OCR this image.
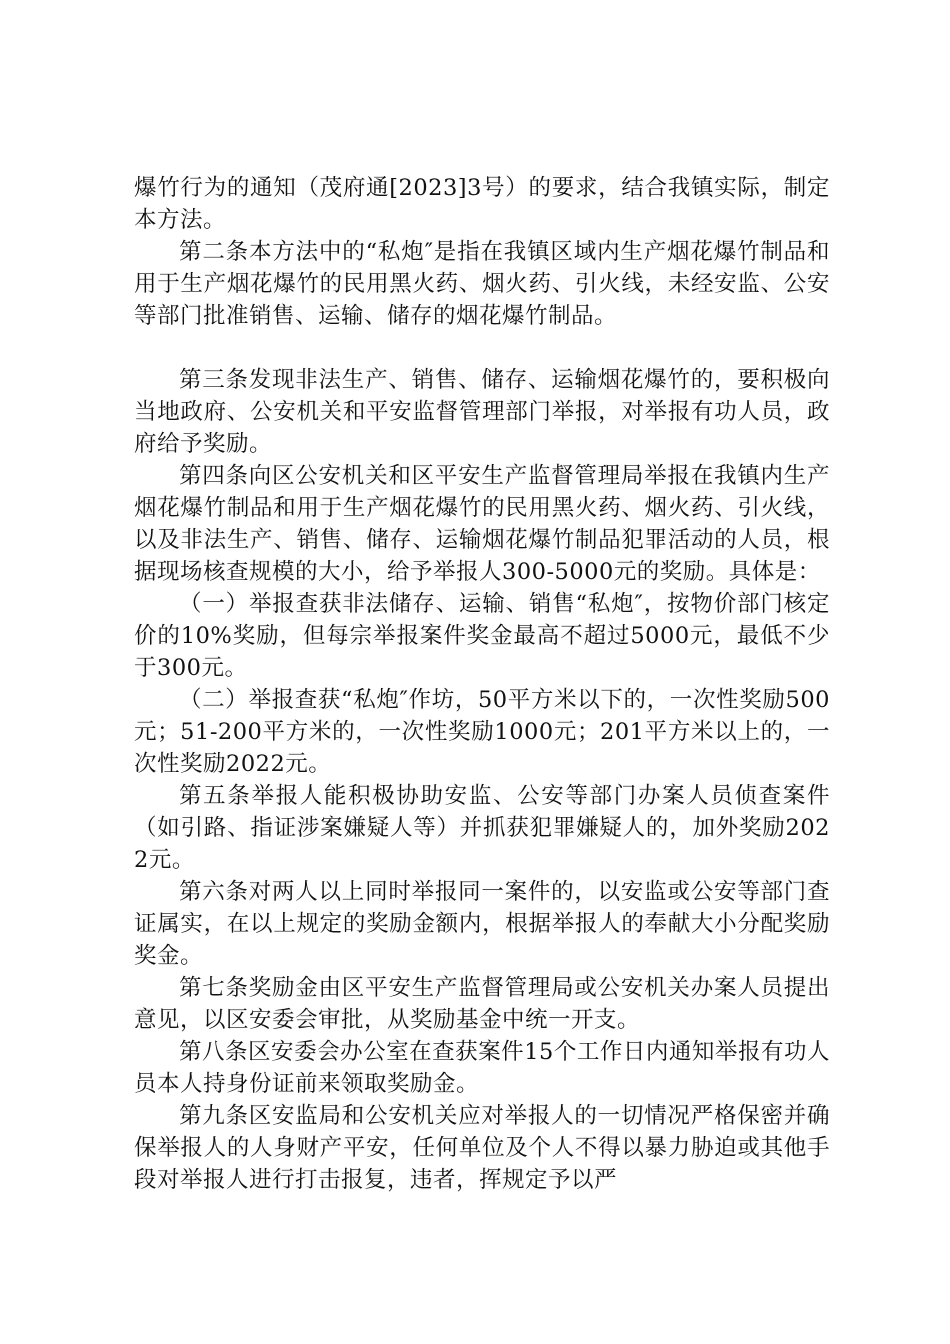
爆竹行为的通知（茂府通[2023]3号）的要求，结合我镇实际，制定本方法。

第二条本方法中的“私炮″是指在我镇区域内生产烟花爆竹制品和用于生产烟花爆竹的民用黑火药、烟火药、引火线，未经安监、公安等部门批准销售、运输、储存的烟花爆竹制品。

第三条发现非法生产、销售、储存、运输烟花爆竹的，要积极向当地政府、公安机关和平安监督管理部门举报，对举报有功人员，政府给予奖励。

第四条向区公安机关和区平安生产监督管理局举报在我镇内生产烟花爆竹制品和用于生产烟花爆竹的民用黑火药、烟火药、引火线，以及非法生产、销售、储存、运输烟花爆竹制品犯罪活动的人员，根据现场核查规模的大小，给予举报人300-5000元的奖励。具体是：

（一）举报查获非法储存、运输、销售“私炮″，按物价部门核定价的10%奖励，但每宗举报案件奖金最高不超过5000元，最低不少于300元。

（二）举报查获“私炮″作坊，50平方米以下的，一次性奖励500元；51-200平方米的，一次性奖励1000元；201平方米以上的，一次性奖励2022元。

第五条举报人能积极协助安监、公安等部门办案人员侦查案件（如引路、指证涉案嫌疑人等）并抓获犯罪嫌疑人的，加外奖励2022元。

第六条对两人以上同时举报同一案件的，以安监或公安等部门查证属实，在以上规定的奖励金额内，根据举报人的奉献大小分配奖励奖金。

第七条奖励金由区平安生产监督管理局或公安机关办案人员提出意见，以区安委会审批，从奖励基金中统一开支。

第八条区安委会办公室在查获案件15个工作日内通知举报有功人员本人持身份证前来领取奖励金。

第九条区安监局和公安机关应对举报人的一切情况严格保密并确保举报人的人身财产平安，任何单位及个人不得以暴力胁迫或其他手段对举报人进行打击报复，违者，挥规定予以严
